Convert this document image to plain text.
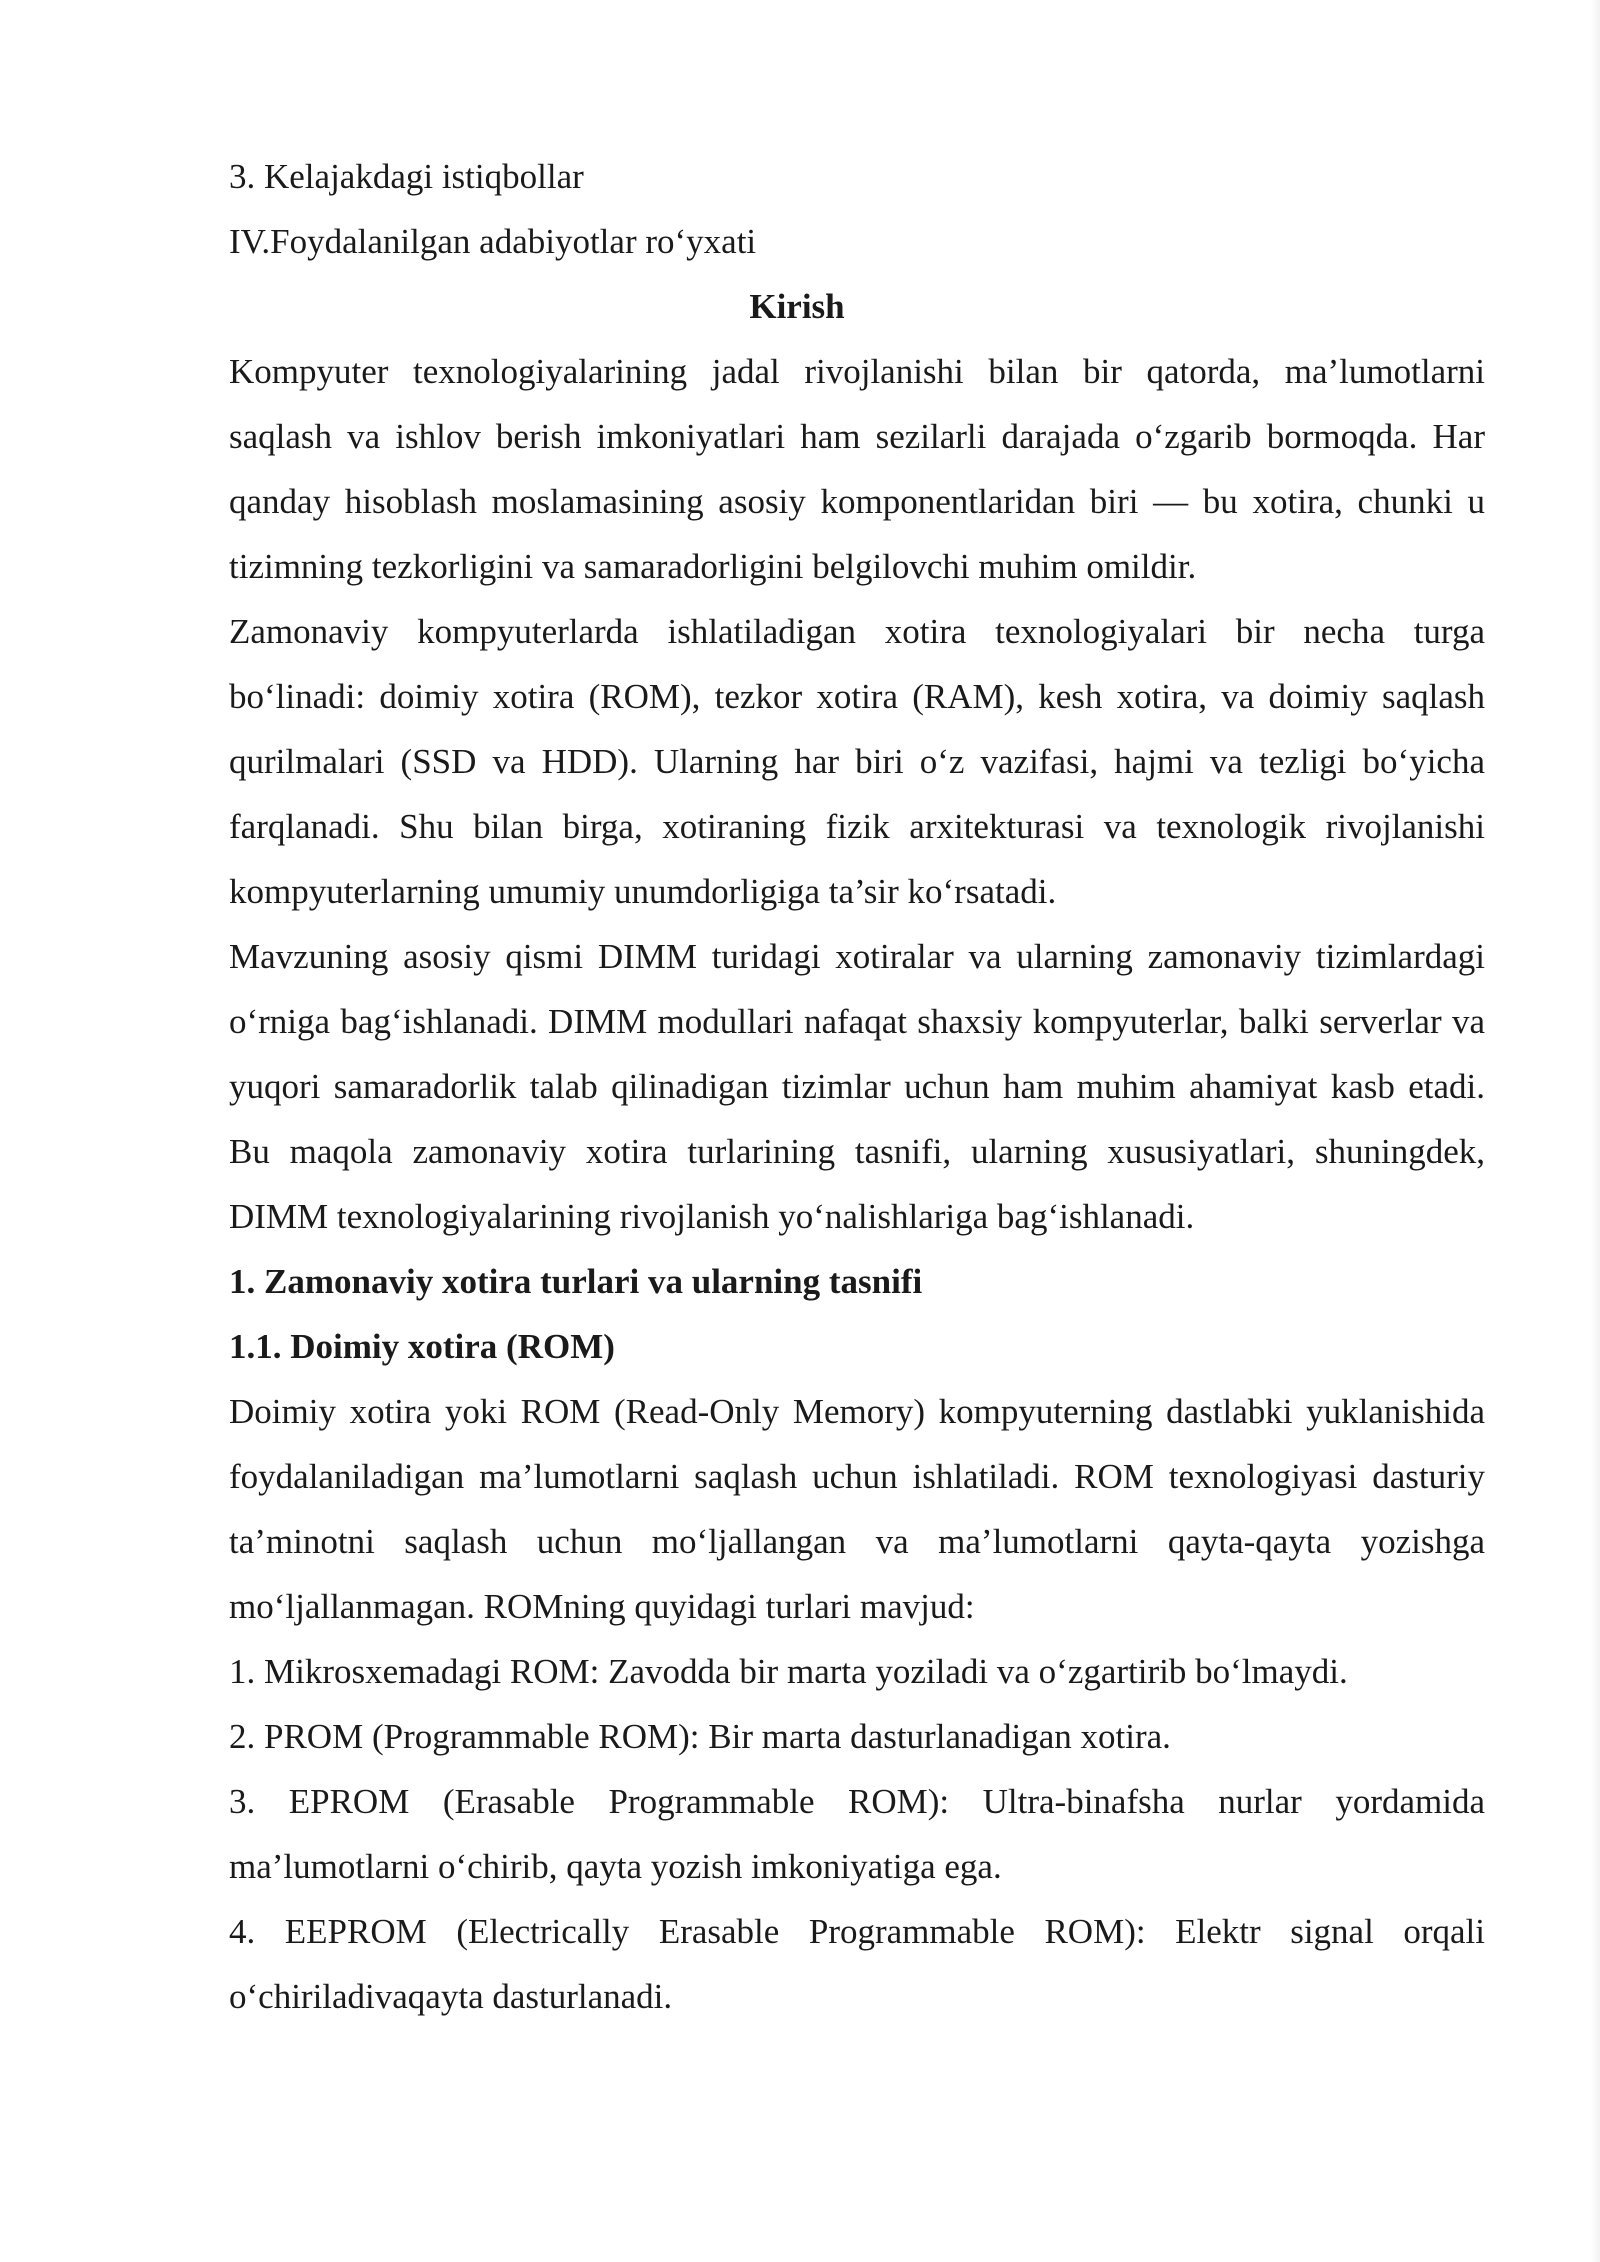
3. Kelajakdagi istiqbollar

IV.Foydalanilgan adabiyotlar ro‘yxati

Kirish

Kompyuter texnologiyalarining jadal rivojlanishi bilan bir qatorda, ma’lumotlarni saqlash va ishlov berish imkoniyatlari ham sezilarli darajada o‘zgarib bormoqda. Har qanday hisoblash moslamasining asosiy komponentlaridan biri — bu xotira, chunki u tizimning tezkorligini va samaradorligini belgilovchi muhim omildir.

Zamonaviy kompyuterlarda ishlatiladigan xotira texnologiyalari bir necha turga bo‘linadi: doimiy xotira (ROM), tezkor xotira (RAM), kesh xotira, va doimiy saqlash qurilmalari (SSD va HDD). Ularning har biri o‘z vazifasi, hajmi va tezligi bo‘yicha farqlanadi. Shu bilan birga, xotiraning fizik arxitekturasi va texnologik rivojlanishi kompyuterlarning umumiy unumdorligiga ta’sir ko‘rsatadi.

Mavzuning asosiy qismi DIMM turidagi xotiralar va ularning zamonaviy tizimlardagi o‘rniga bag‘ishlanadi. DIMM modullari nafaqat shaxsiy kompyuterlar, balki serverlar va yuqori samaradorlik talab qilinadigan tizimlar uchun ham muhim ahamiyat kasb etadi. Bu maqola zamonaviy xotira turlarining tasnifi, ularning xususiyatlari, shuningdek, DIMM texnologiyalarining rivojlanish yo‘nalishlariga bag‘ishlanadi.

1. Zamonaviy xotira turlari va ularning tasnifi

1.1. Doimiy xotira (ROM)

Doimiy xotira yoki ROM (Read-Only Memory) kompyuterning dastlabki yuklanishida foydalaniladigan ma’lumotlarni saqlash uchun ishlatiladi. ROM texnologiyasi dasturiy ta’minotni saqlash uchun mo‘ljallangan va ma’lumotlarni qayta-qayta yozishga mo‘ljallanmagan. ROMning quyidagi turlari mavjud:

1. Mikrosxemadagi ROM: Zavodda bir marta yoziladi va o‘zgartirib bo‘lmaydi.

2. PROM (Programmable ROM): Bir marta dasturlanadigan xotira.

3. EPROM (Erasable Programmable ROM): Ultra-binafsha nurlar yordamida ma’lumotlarni o‘chirib, qayta yozish imkoniyatiga ega.

4. EEPROM (Electrically Erasable Programmable ROM): Elektr signal orqali o‘chiriladivaqayta dasturlanadi.
